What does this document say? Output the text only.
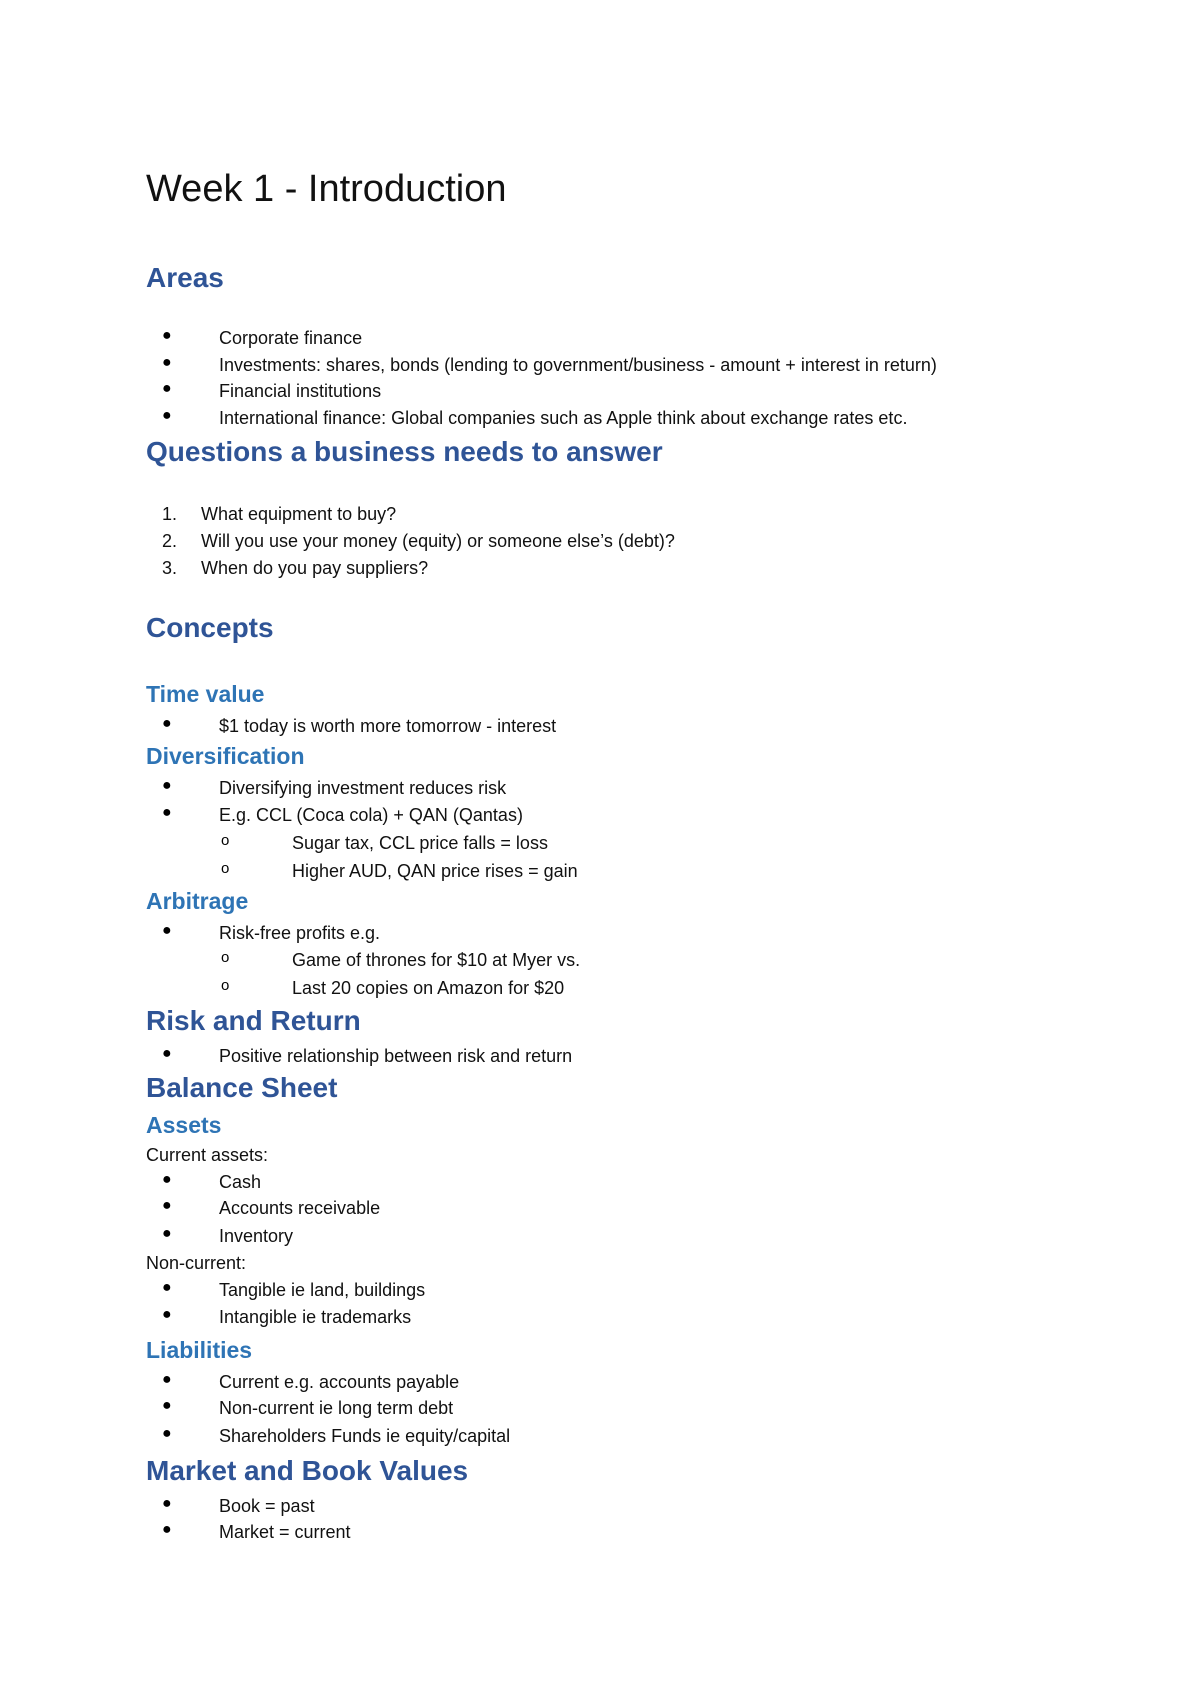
Week 1 - Introduction
Areas
●	Corporate finance
●	Investments: shares, bonds (lending to government/business - amount + interest in return)
●	Financial institutions
●	International finance: Global companies such as Apple think about exchange rates etc.
Questions a business needs to answer
1. What equipment to buy?
2. Will you use your money (equity) or someone else’s (debt)?
3. When do you pay suppliers?
Concepts
Time value
●	$1 today is worth more tomorrow - interest
Diversification
●	Diversifying investment reduces risk
●	E.g. CCL (Coca cola) + QAN (Qantas)
o	Sugar tax, CCL price falls = loss
o	Higher AUD, QAN price rises = gain
Arbitrage
●	Risk-free profits e.g.
o	Game of thrones for $10 at Myer vs.
o	Last 20 copies on Amazon for $20
Risk and Return
●	Positive relationship between risk and return
Balance Sheet
Assets
Current assets:
●	Cash
●	Accounts receivable
●	Inventory
Non-current:
●	Tangible ie land, buildings
●	Intangible ie trademarks
Liabilities
●	Current e.g. accounts payable
●	Non-current ie long term debt
●	Shareholders Funds ie equity/capital
Market and Book Values
●	Book = past
●	Market = current
